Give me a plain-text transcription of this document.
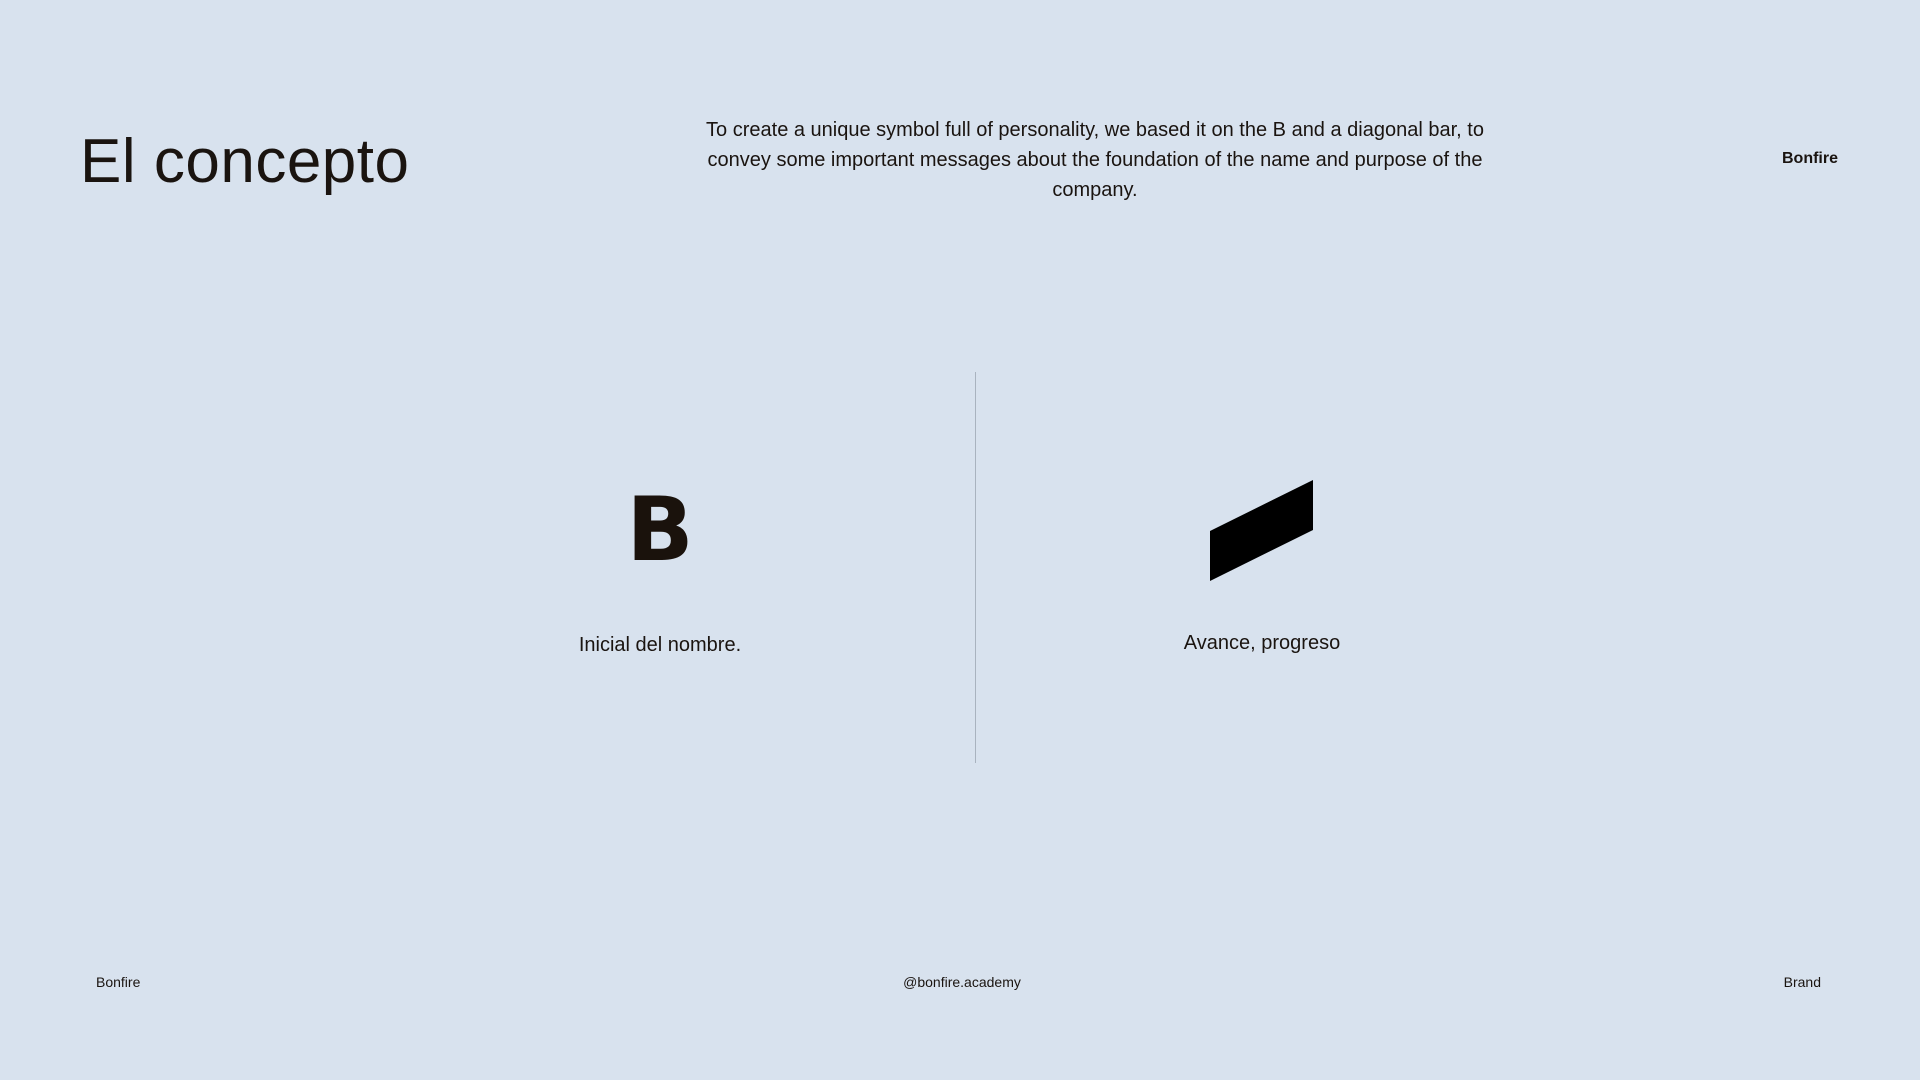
El concepto	To create a unique symbol full of personality, we based it on the B and a diagonal bar, to convey some important messages about the foundation of the name and purpose of the company.

Bonfire

B

Inicial del nombre.	Avance, progreso

Bonfire	@bonfire.academy	Brand
